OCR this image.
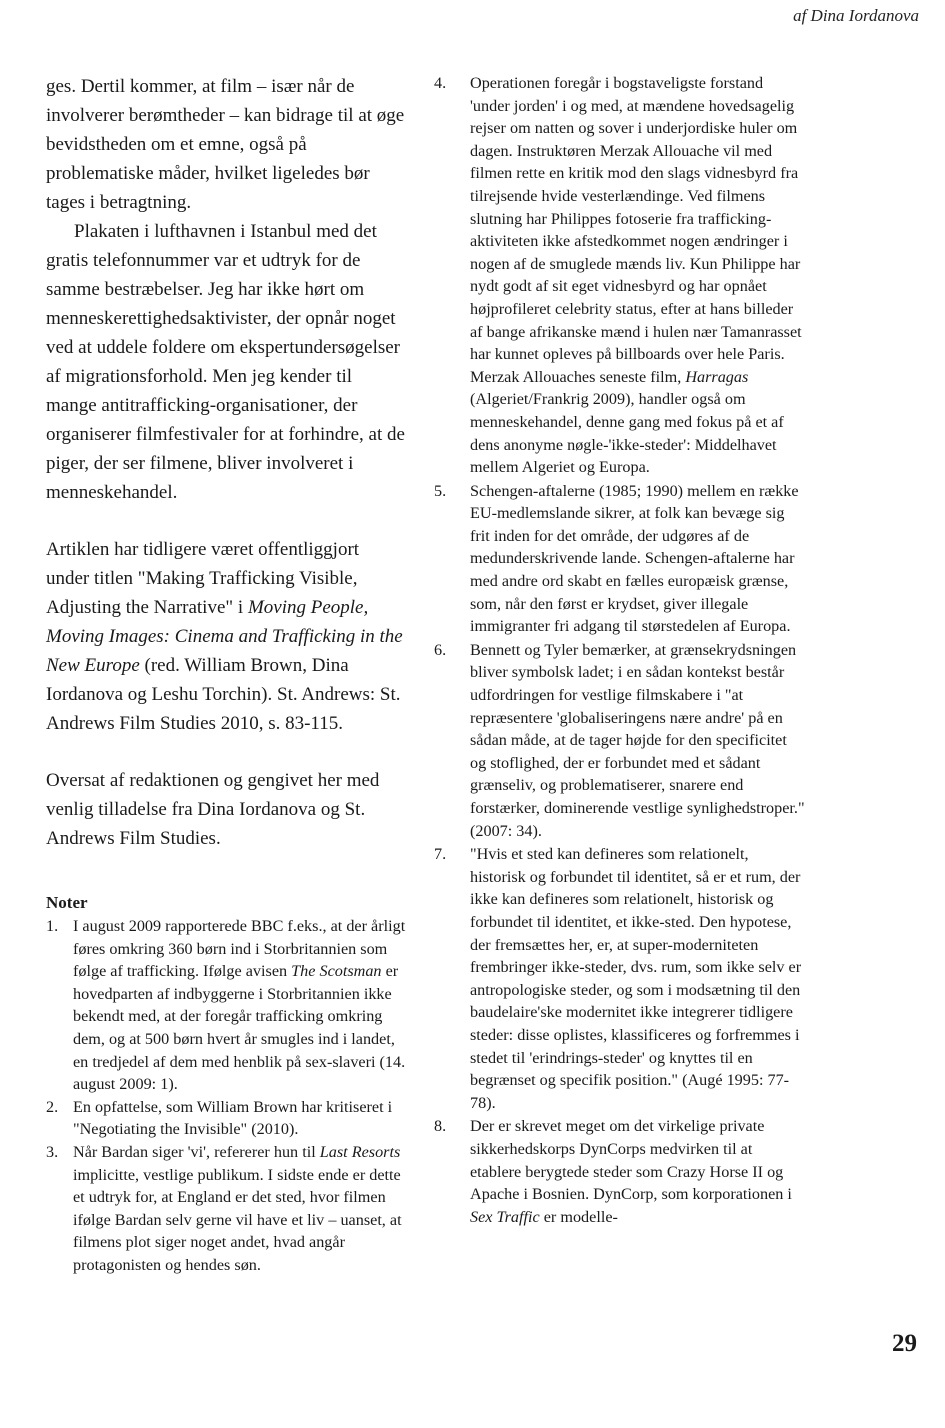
af Dina Iordanova

ges. Dertil kommer, at film – især når de involverer berømtheder – kan bidrage til at øge bevidstheden om et emne, også på problematiske måder, hvilket ligeledes bør tages i betragtning.

Plakaten i lufthavnen i Istanbul med det gratis telefonnummer var et udtryk for de samme bestræbelser. Jeg har ikke hørt om menneskerettighedsaktivister, der opnår noget ved at uddele foldere om ekspertundersøgelser af migrationsforhold. Men jeg kender til mange antitrafficking-organisationer, der organiserer filmfestivaler for at forhindre, at de piger, der ser filmene, bliver involveret i menneskehandel.

Artiklen har tidligere været offentliggjort under titlen "Making Trafficking Visible, Adjusting the Narrative" i Moving People, Moving Images: Cinema and Trafficking in the New Europe (red. William Brown, Dina Iordanova og Leshu Torchin). St. Andrews: St. Andrews Film Studies 2010, s. 83-115.

Oversat af redaktionen og gengivet her med venlig tilladelse fra Dina Iordanova og St. Andrews Film Studies.

Noter
1. I august 2009 rapporterede BBC f.eks., at der årligt føres omkring 360 børn ind i Storbritannien som følge af trafficking. Ifølge avisen The Scotsman er hovedparten af indbyggerne i Storbritannien ikke bekendt med, at der foregår trafficking omkring dem, og at 500 børn hvert år smugles ind i landet, en tredjedel af dem med henblik på sex-slaveri (14. august 2009: 1).
2. En opfattelse, som William Brown har kritiseret i "Negotiating the Invisible" (2010).
3. Når Bardan siger 'vi', refererer hun til Last Resorts implicitte, vestlige publikum. I sidste ende er dette et udtryk for, at England er det sted, hvor filmen ifølge Bardan selv gerne vil have et liv – uanset, at filmens plot siger noget andet, hvad angår protagonisten og hendes søn.
4.	Operationen foregår i bogstaveligste forstand 'under jorden' i og med, at mændene hovedsagelig rejser om natten og sover i underjordiske huler om dagen. Instruktøren Merzak Allouache vil med filmen rette en kritik mod den slags vidnesbyrd fra tilrejsende hvide vesterlændinge. Ved filmens slutning har Philippes fotoserie fra trafficking-aktiviteten ikke afstedkommet nogen ændringer i nogen af de smuglede mænds liv. Kun Philippe har nydt godt af sit eget vidnesbyrd og har opnået højprofileret celebrity status, efter at hans billeder af bange afrikanske mænd i hulen nær Tamanrasset har kunnet opleves på billboards over hele Paris. Merzak Allouaches seneste film, Harragas (Algeriet/Frankrig 2009), handler også om menneskehandel, denne gang med fokus på et af dens anonyme nøgle-'ikke-steder': Middelhavet mellem Algeriet og Europa.
5.	Schengen-aftalerne (1985; 1990) mellem en række EU-medlemslande sikrer, at folk kan bevæge sig frit inden for det område, der udgøres af de medunderskrivende lande. Schengen-aftalerne har med andre ord skabt en fælles europæisk grænse, som, når den først er krydset, giver illegale immigranter fri adgang til størstedelen af Europa.
6.	Bennett og Tyler bemærker, at grænsekrydsningen bliver symbolsk ladet; i en sådan kontekst består udfordringen for vestlige filmskabere i "at repræsentere 'globaliseringens nære andre' på en sådan måde, at de tager højde for den specificitet og stoflighed, der er forbundet med et sådant grænseliv, og problematiserer, snarere end forstærker, dominerende vestlige synlighedstroper." (2007: 34).
7.	"Hvis et sted kan defineres som relationelt, historisk og forbundet til identitet, så er et rum, der ikke kan defineres som relationelt, historisk og forbundet til identitet, et ikke-sted. Den hypotese, der fremsættes her, er, at super-moderniteten frembringer ikke-steder, dvs. rum, som ikke selv er antropologiske steder, og som i modsætning til den baudelaire'ske modernitet ikke integrerer tidligere steder: disse oplistes, klassificeres og forfremmes i stedet til 'erindrings-steder' og knyttes til en begrænset og specifik position." (Augé 1995: 77-78).
8.	Der er skrevet meget om det virkelige private sikkerhedskorps DynCorps medvirken til at etablere berygtede steder som Crazy Horse II og Apache i Bosnien. DynCorp, som korporationen i Sex Traffic er modelle-
29
